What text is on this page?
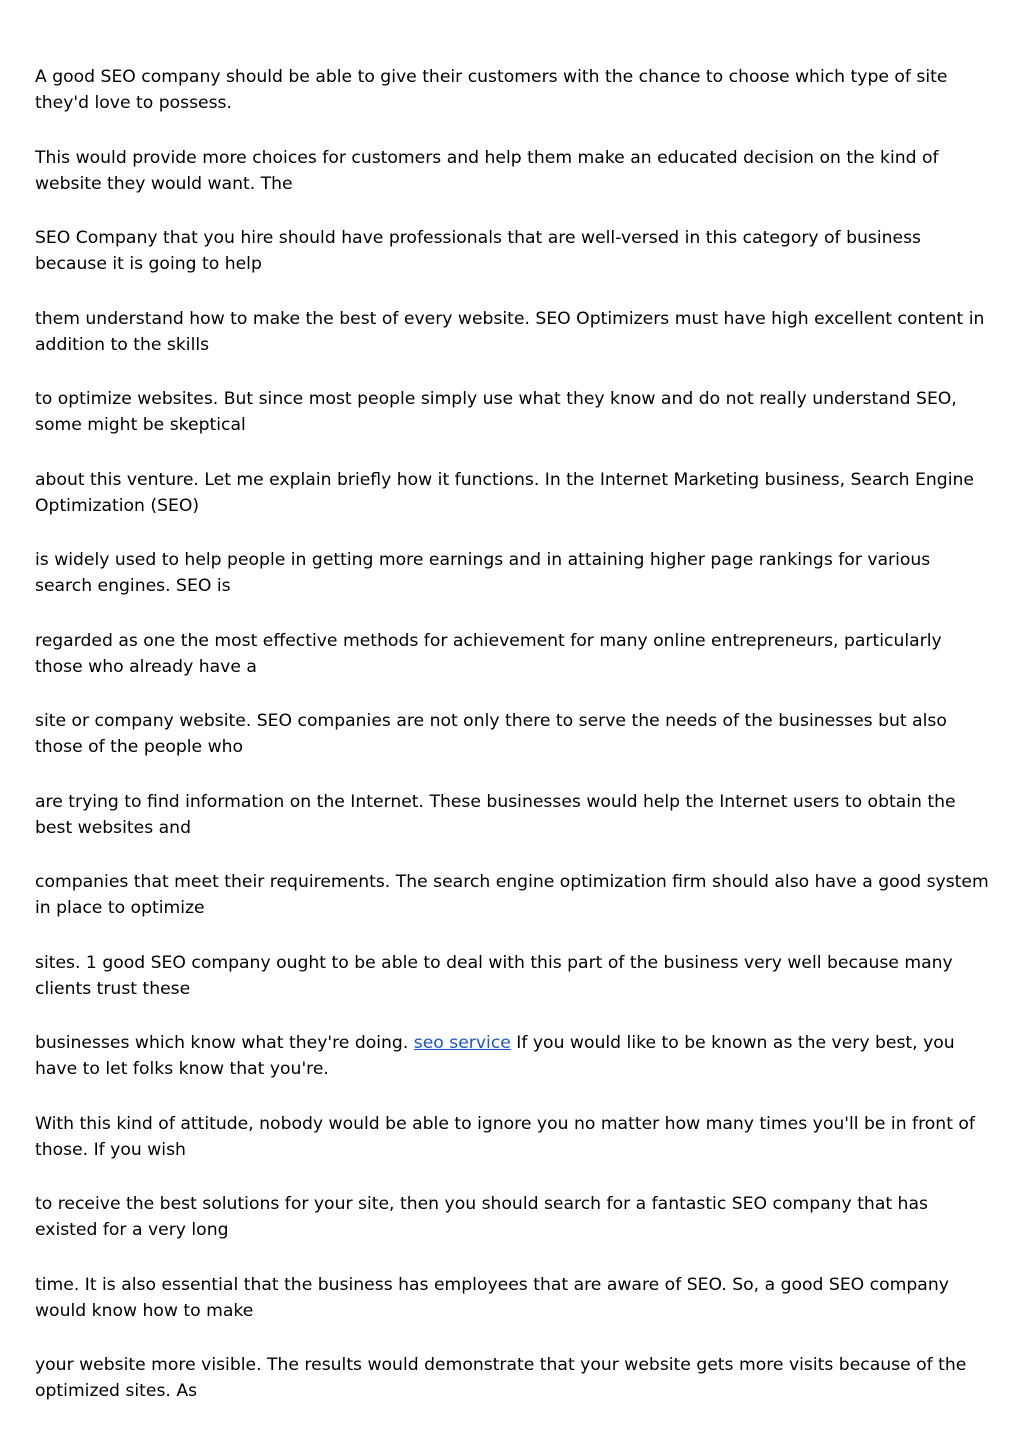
A good SEO company should be able to give their customers with the chance to choose which type of site they'd love to possess.

This would provide more choices for customers and help them make an educated decision on the kind of website they would want. The

SEO Company that you hire should have professionals that are well-versed in this category of business because it is going to help

them understand how to make the best of every website. SEO Optimizers must have high excellent content in addition to the skills

to optimize websites. But since most people simply use what they know and do not really understand SEO, some might be skeptical

about this venture. Let me explain briefly how it functions. In the Internet Marketing business, Search Engine Optimization (SEO)

is widely used to help people in getting more earnings and in attaining higher page rankings for various search engines. SEO is

regarded as one the most effective methods for achievement for many online entrepreneurs, particularly those who already have a

site or company website. SEO companies are not only there to serve the needs of the businesses but also those of the people who

are trying to find information on the Internet. These businesses would help the Internet users to obtain the best websites and

companies that meet their requirements. The search engine optimization firm should also have a good system in place to optimize

sites. 1 good SEO company ought to be able to deal with this part of the business very well because many clients trust these

businesses which know what they're doing. seo service If you would like to be known as the very best, you have to let folks know that you're.

With this kind of attitude, nobody would be able to ignore you no matter how many times you'll be in front of those. If you wish

to receive the best solutions for your site, then you should search for a fantastic SEO company that has existed for a very long

time. It is also essential that the business has employees that are aware of SEO. So, a good SEO company would know how to make

your website more visible. The results would demonstrate that your website gets more visits because of the optimized sites. As
